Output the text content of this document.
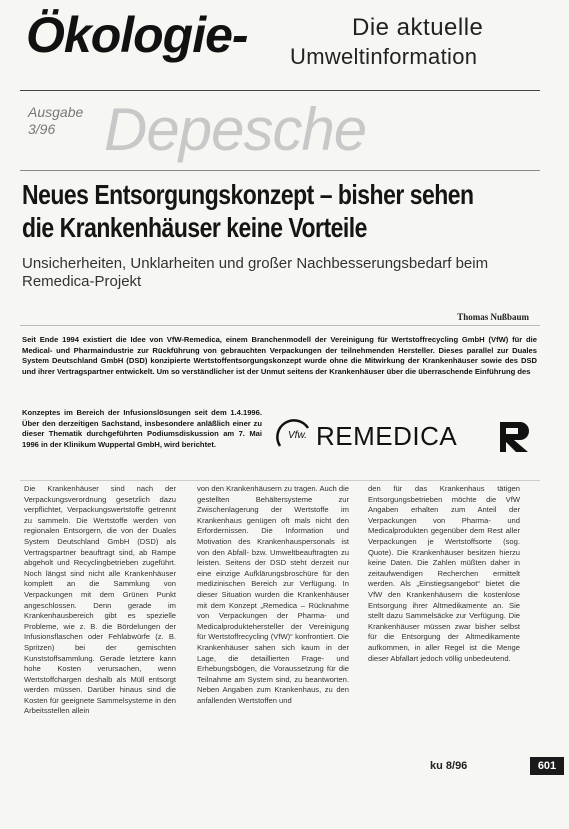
Ökologie-	Die aktuelle
Umweltinformation
Ausgabe
3/96 Depesche
Neues Entsorgungskonzept – bisher sehen
die Krankenhäuser keine Vorteile
Unsicherheiten, Unklarheiten und großer Nachbesserungsbedarf beim Remedica-Projekt
Thomas Nußbaum
Seit Ende 1994 existiert die Idee von VfW-Remedica, einem Branchenmodell der Vereinigung für Wertstoffrecycling GmbH (VfW) für die Medical- und Pharmaindustrie zur Rückführung von gebrauchten Verpackungen der teilnehmenden Hersteller. Dieses parallel zur Duales System Deutschland GmbH (DSD) konzipierte Wertstoffentsorgungskonzept wurde ohne die Mitwirkung der Krankenhäuser sowie des DSD und ihrer Vertragspartner entwickelt. Um so verständlicher ist der Unmut seitens der Krankenhäuser über die überraschende Einführung des
Konzeptes im Bereich der Infusionslösungen seit dem 1.4.1996. Über den derzeitigen Sachstand, insbesondere anläßlich einer zu dieser Thematik durchgeführten Podiumsdiskussion am 7. Mai 1996 in der Klinikum Wuppertal GmbH, wird berichtet.
Vfw. REMEDICA

Die Krankenhäuser sind nach der Verpackungsverordnung gesetzlich dazu verpflichtet, Verpackungswertstoffe getrennt zu sammeln. Die Wertstoffe werden von regionalen Entsorgern, die von der Duales System Deutschland GmbH (DSD) als Vertragspartner beauftragt sind, ab Rampe abgeholt und Recyclingbetrieben zugeführt. Noch längst sind nicht alle Krankenhäuser komplett an die Sammlung von Verpackungen mit dem Grünen Punkt angeschlossen. Denn gerade im Krankenhausbereich gibt es spezielle Probleme, wie z. B. die Bördelungen der Infusionsflaschen oder Fehlabwürfe (z. B. Spritzen) bei der gemischten Kunststoffsammlung. Gerade letztere kann hohe Kosten verursachen, wenn Wertstoffchargen deshalb als Müll entsorgt werden müssen. Darüber hinaus sind die Kosten für geeignete Sammelsysteme in den Arbeitsstellen allein

von den Krankenhäusern zu tragen. Auch die gestellten Behältersysteme zur Zwischenlagerung der Wertstoffe im Krankenhaus genügen oft mals nicht den Erfordernissen. Die Information und Motivation des Krankenhauspersonals ist von den Abfall- bzw. Umweltbeauftragten zu leisten. Seitens der DSD steht derzeit nur eine einzige Aufklärungsbroschüre für den medizinischen Bereich zur Verfügung. In dieser Situation wurden die Krankenhäuser mit dem Konzept „Remedica – Rücknahme von Verpackungen der Pharma- und Medicalproduktehersteller der Vereinigung für Wertstoffrecycling (VfW)“ konfrontiert. Die Krankenhäuser sahen sich kaum in der Lage, die detaillierten Frage- und Erhebungsbögen, die Voraussetzung für die Teilnahme am System sind, zu beantworten. Neben Angaben zum Krankenhaus, zu den anfallenden Wertstoffen und

den für das Krankenhaus tätigen Entsorgungsbetrieben möchte die VfW Angaben erhalten zum Anteil der Verpackungen von Pharma- und Medicalprodukten gegenüber dem Rest aller Verpackungen je Wertstoffsorte (sog. Quote). Die Krankenhäuser besitzen hierzu keine Daten. Die Zahlen müßten daher in zeitaufwendigen Recherchen ermittelt werden. Als „Einstiegsangebot“ bietet die VfW den Krankenhäusern die kostenlose Entsorgung ihrer Altmedikamente an. Sie stellt dazu Sammelsäcke zur Verfügung. Die Krankenhäuser müssen zwar bisher selbst für die Entsorgung der Altmedikamente aufkommen, in aller Regel ist die Menge dieser Abfallart jedoch völlig unbedeutend.

ku 8/96	601
